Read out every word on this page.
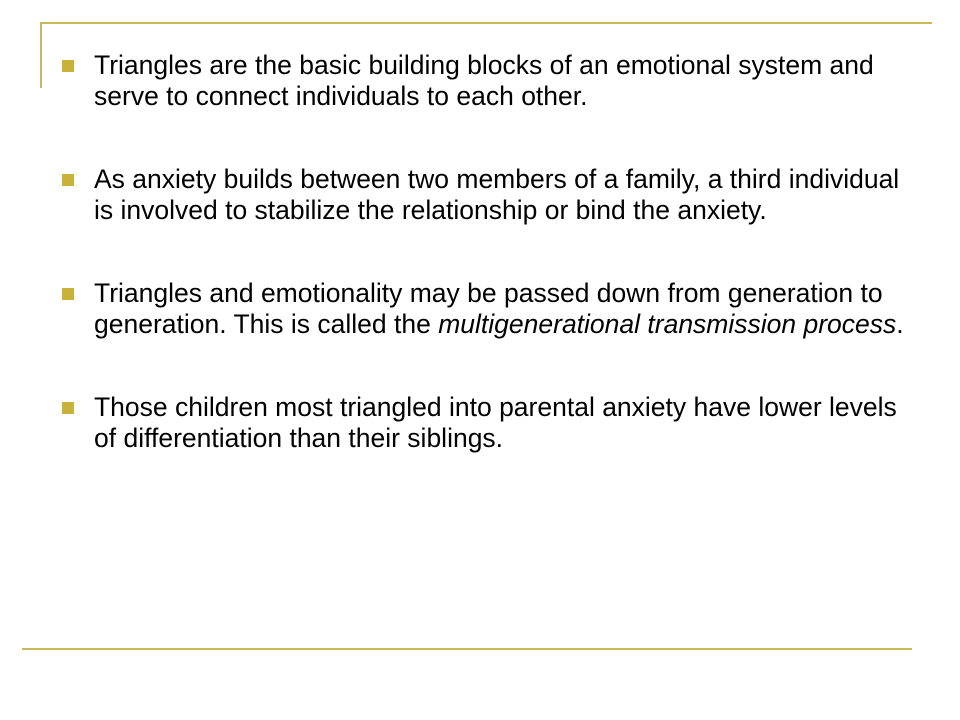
Triangles are the basic building blocks of an emotional system and serve to connect individuals to each other.
As anxiety builds between two members of a family, a third individual is involved to stabilize the relationship or bind the anxiety.
Triangles and emotionality may be passed down from generation to generation. This is called the multigenerational transmission process.
Those children most triangled into parental anxiety have lower levels of differentiation than their siblings.
